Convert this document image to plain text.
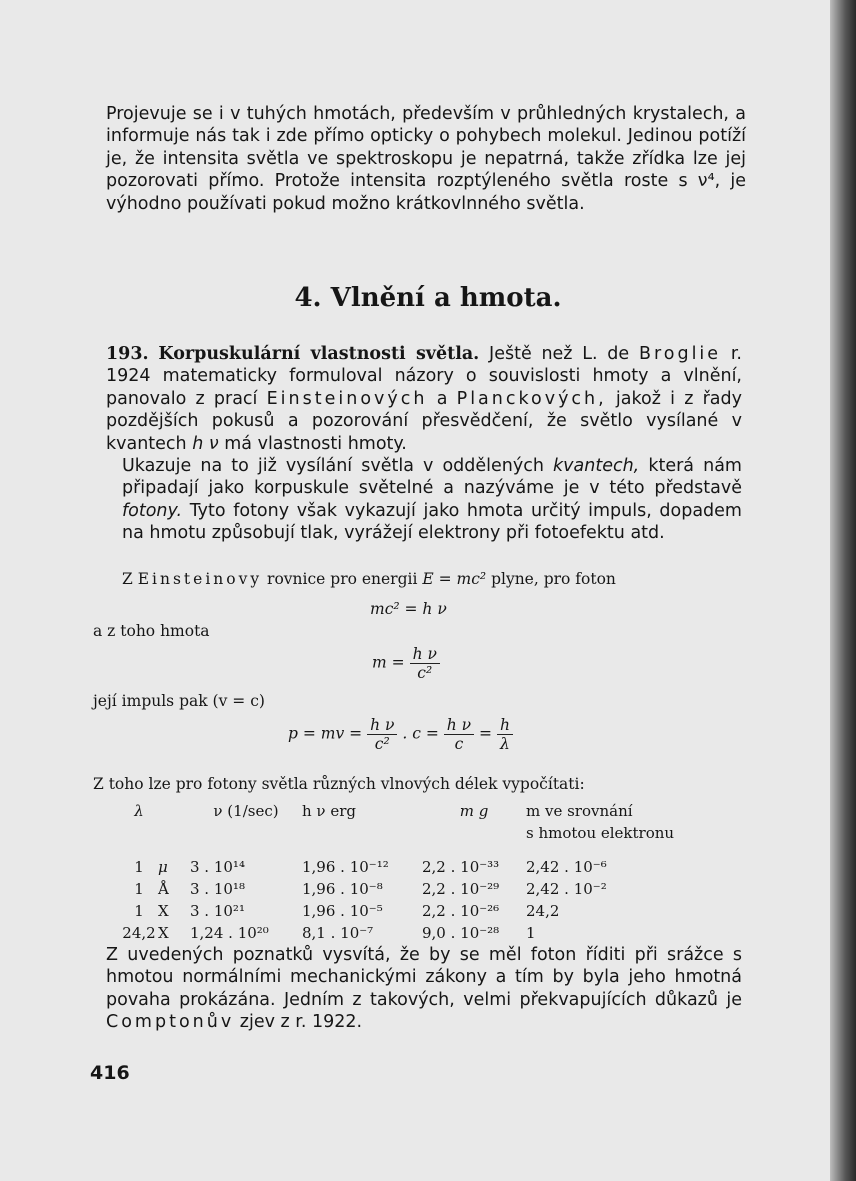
Projevuje se i v tuhých hmotách, především v průhledných krystalech, a informuje nás tak i zde přímo opticky o pohybech molekul. Jedinou potíží je, že intensita světla ve spektroskopu je nepatrná, takže zřídka lze jej pozorovati přímo. Protože intensita rozptýleného světla roste s ν⁴, je výhodno používati pokud možno krátkovlnného světla.
4. Vlnění a hmota.
193. Korpuskulární vlastnosti světla. Ještě než L. de Broglie r. 1924 matematicky formuloval názory o souvislosti hmoty a vlnění, panovalo z prací Einsteinových a Planckových, jakož i z řady pozdějších pokusů a pozorování přesvědčení, že světlo vysílané v kvantech h ν má vlastnosti hmoty.
Ukazuje na to již vysílání světla v oddělených kvantech, která nám připadají jako korpuskule světelné a nazýváme je v této představě fotony. Tyto fotony však vykazují jako hmota určitý impuls, dopadem na hmotu způsobují tlak, vyrážejí elektrony při fotoefektu atd.
Z Einsteinovy rovnice pro energii E = mc² plyne, pro foton
mc² = h ν
a z toho hmota
$m = \frac{\text{h ν}}{\text{c²}}$
její impuls pak (v = c)
p = mv = $\frac{\text{h ν}}{\text{c²}}$ . $c = \frac{\text{h ν}}{c} = \frac{h}{\lambda}$
Z toho lze pro fotony světla různých vlnových délek vypočítati:
λ		ν (1/sec)	h ν erg	m g	m ve srovnání
					s hmotou elektronu

1	μ	3 . 10¹⁴	1,96 . 10⁻¹²	2,2 . 10⁻³³	2,42 . 10⁻⁶
1	Å	3 . 10¹⁸	1,96 . 10⁻⁸	2,2 . 10⁻²⁹	2,42 . 10⁻²
1	X	3 . 10²¹	1,96 . 10⁻⁵	2,2 . 10⁻²⁶	24,2
24,2	X	1,24 . 10²⁰	8,1 . 10⁻⁷	9,0 . 10⁻²⁸	1
Z uvedených poznatků vysvítá, že by se měl foton říditi při srážce s hmotou normálními mechanickými zákony a tím by byla jeho hmotná povaha prokázána. Jedním z takových, velmi překvapujících důkazů je Comptonův zjev z r. 1922.
416
